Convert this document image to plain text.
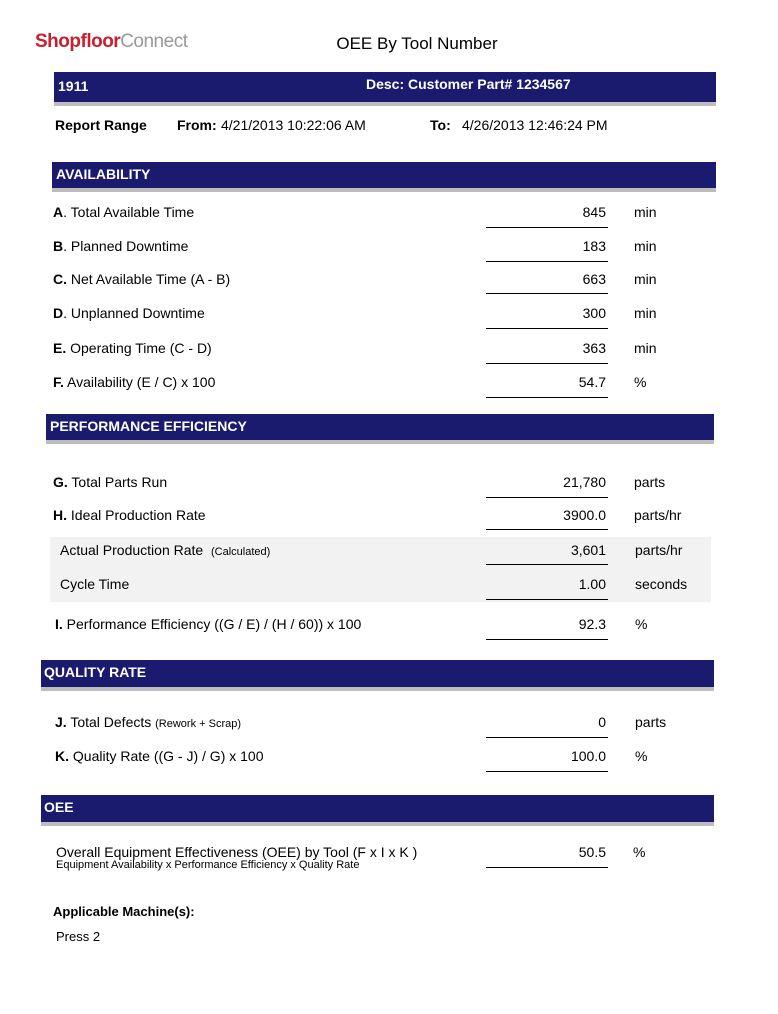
ShopfloorConnect	OEE By Tool Number
1911	Desc: Customer Part# 1234567
Report Range From: 4/21/2013 10:22:06 AM	To: 4/26/2013 12:46:24 PM
AVAILABILITY
A. Total Available Time	845 min
B. Planned Downtime	183 min
C. Net Available Time (A - B)	663 min
D. Unplanned Downtime	300 min
E. Operating Time (C - D)	363 min
F. Availability (E / C) x 100	54.7 %
PERFORMANCE EFFICIENCY
G. Total Parts Run	21,780 parts
H. Ideal Production Rate	3900.0 parts/hr
Actual Production Rate (Calculated)	3,601 parts/hr
Cycle Time	1.00 seconds
I. Performance Efficiency ((G / E) / (H / 60)) x 100	92.3 %
QUALITY RATE
J. Total Defects (Rework + Scrap)	0 parts
K. Quality Rate ((G - J) / G) x 100	100.0 %
OEE
Overall Equipment Effectiveness (OEE) by Tool (F x I x K )
Equipment Availability x Performance Efficiency x Quality Rate
50.5 %
Applicable Machine(s):
Press 2
